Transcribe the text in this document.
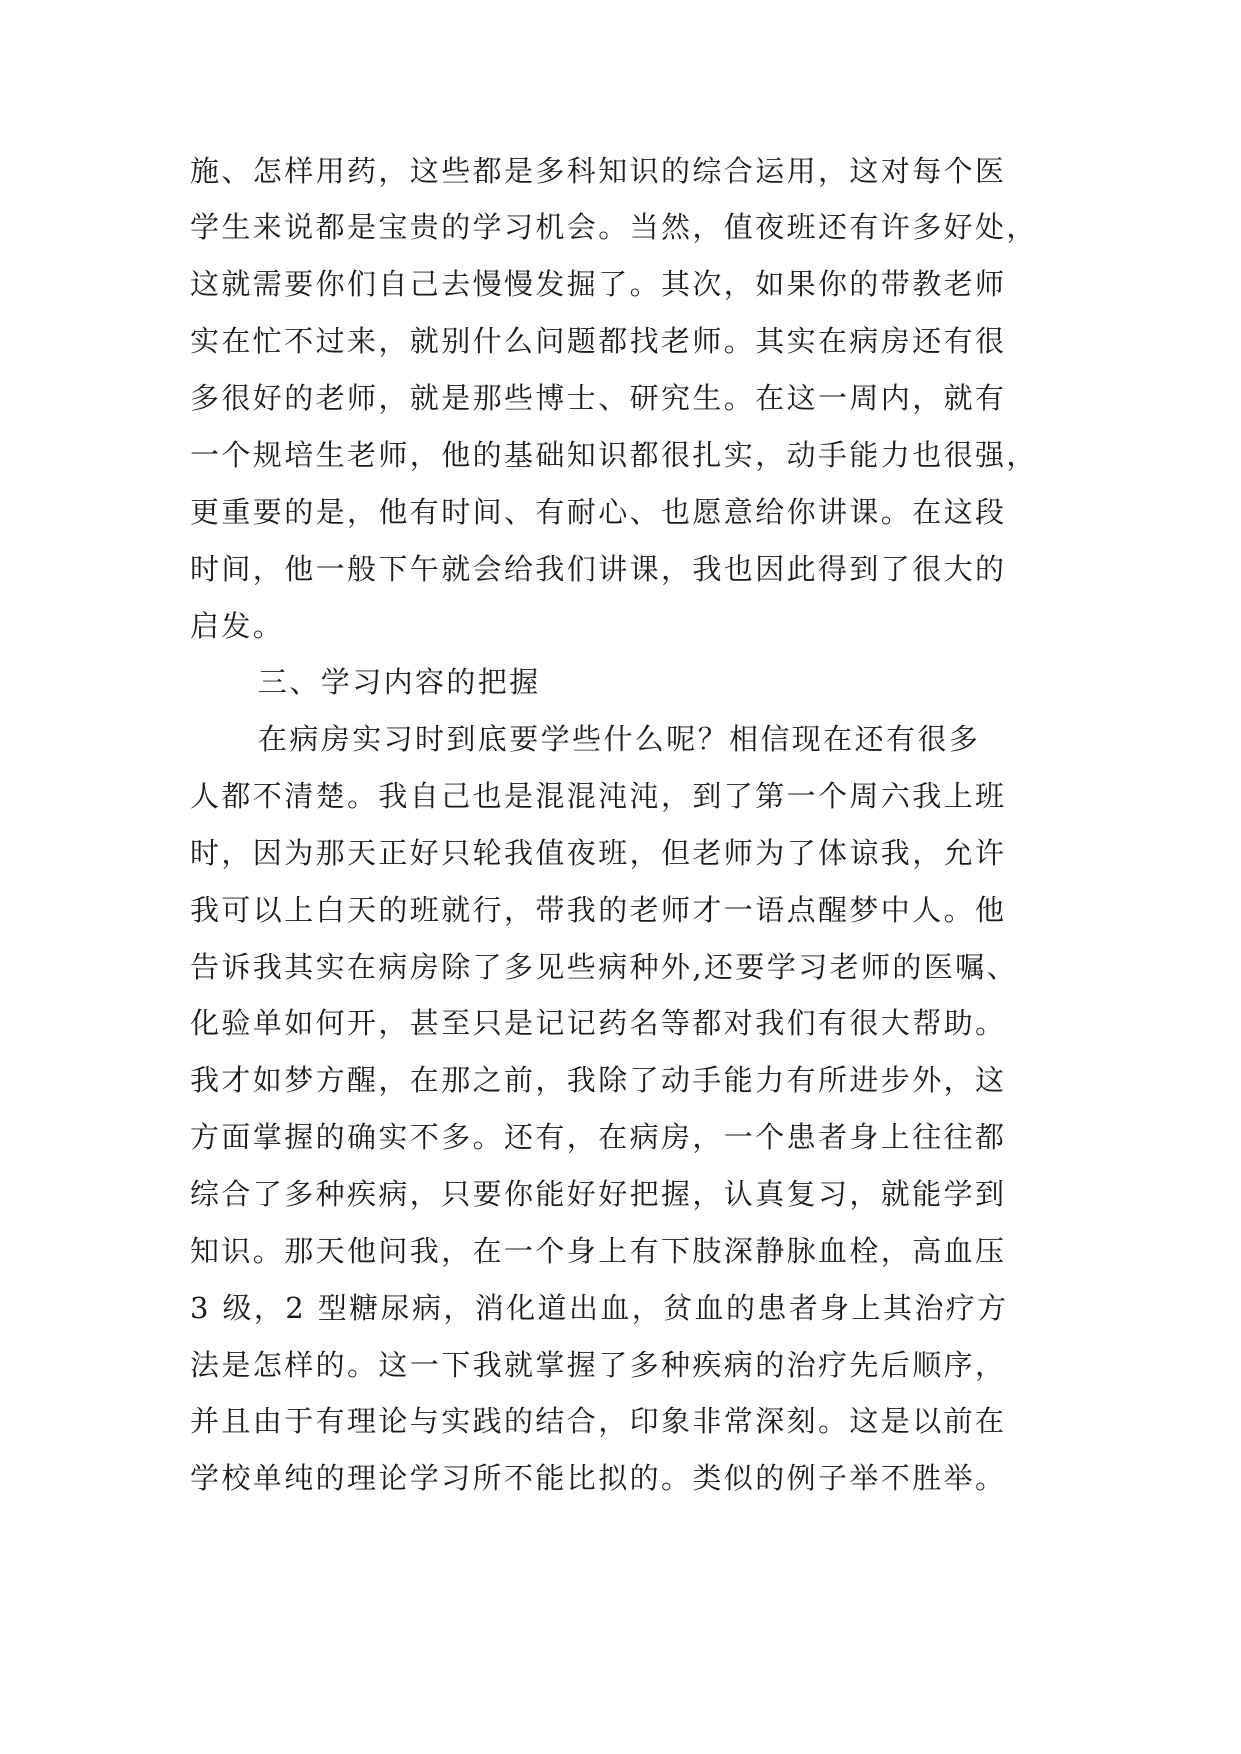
施、怎样用药，这些都是多科知识的综合运用，这对每个医
学生来说都是宝贵的学习机会。当然，值夜班还有许多好处，
这就需要你们自己去慢慢发掘了。其次，如果你的带教老师
实在忙不过来，就别什么问题都找老师。其实在病房还有很
多很好的老师，就是那些博士、研究生。在这一周内，就有
一个规培生老师，他的基础知识都很扎实，动手能力也很强，
更重要的是，他有时间、有耐心、也愿意给你讲课。在这段
时间，他一般下午就会给我们讲课，我也因此得到了很大的
启发。
三、学习内容的把握
在病房实习时到底要学些什么呢？相信现在还有很多
人都不清楚。我自己也是混混沌沌，到了第一个周六我上班
时，因为那天正好只轮我值夜班，但老师为了体谅我，允许
我可以上白天的班就行，带我的老师才一语点醒梦中人。他
告诉我其实在病房除了多见些病种外,还要学习老师的医嘱、
化验单如何开，甚至只是记记药名等都对我们有很大帮助。
我才如梦方醒，在那之前，我除了动手能力有所进步外，这
方面掌握的确实不多。还有，在病房，一个患者身上往往都
综合了多种疾病，只要你能好好把握，认真复习，就能学到
知识。那天他问我，在一个身上有下肢深静脉血栓，高血压
3 级，2 型糖尿病，消化道出血，贫血的患者身上其治疗方
法是怎样的。这一下我就掌握了多种疾病的治疗先后顺序，
并且由于有理论与实践的结合，印象非常深刻。这是以前在
学校单纯的理论学习所不能比拟的。类似的例子举不胜举。
